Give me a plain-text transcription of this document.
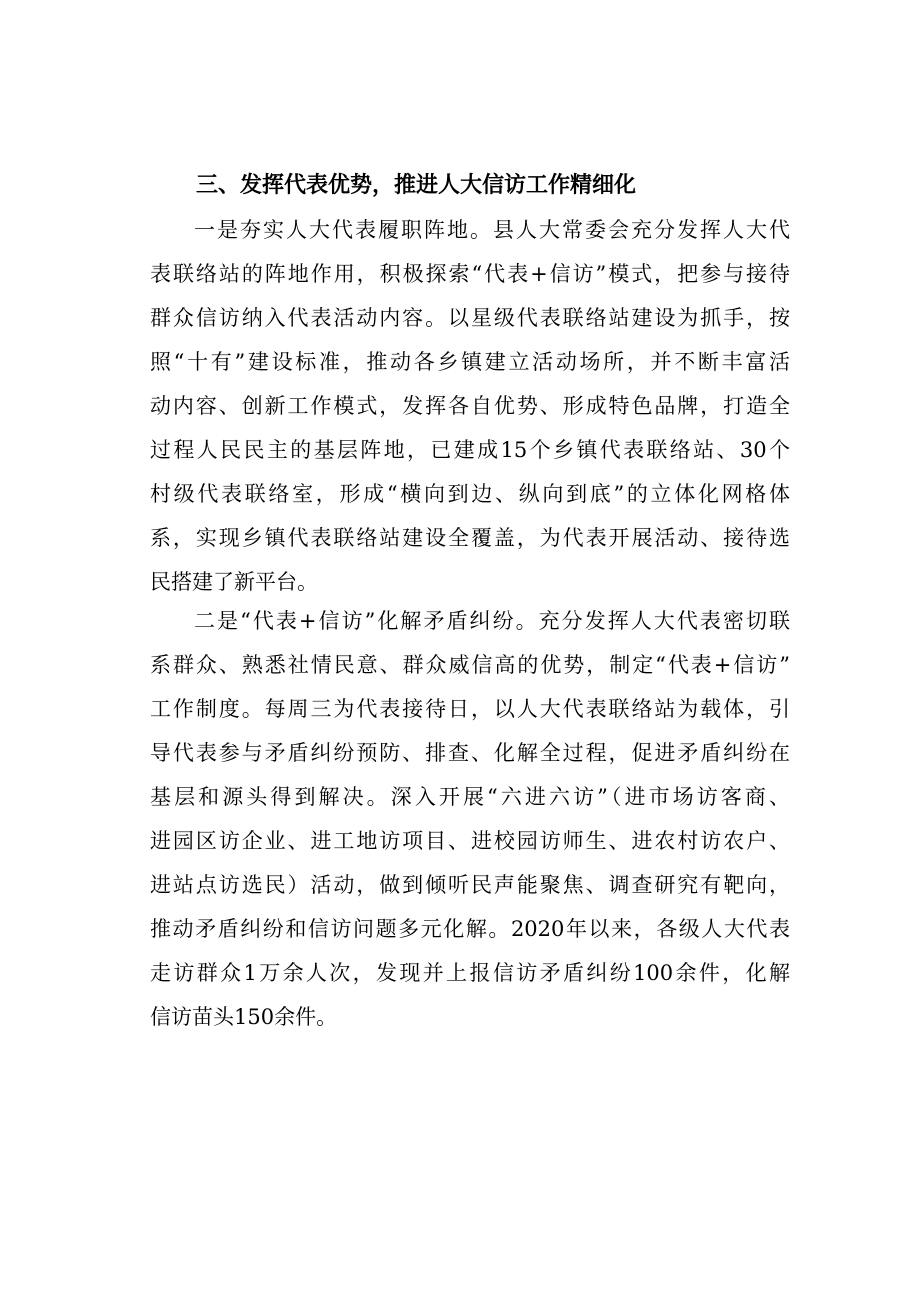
三、发挥代表优势，推进人大信访工作精细化
一是夯实人大代表履职阵地。县人大常委会充分发挥人大代
表联络站的阵地作用，积极探索“代表+信访”模式，把参与接待
群众信访纳入代表活动内容。以星级代表联络站建设为抓手，按
照“十有”建设标准，推动各乡镇建立活动场所，并不断丰富活
动内容、创新工作模式，发挥各自优势、形成特色品牌，打造全
过程人民民主的基层阵地，已建成15个乡镇代表联络站、30个
村级代表联络室，形成“横向到边、纵向到底”的立体化网格体
系，实现乡镇代表联络站建设全覆盖，为代表开展活动、接待选
民搭建了新平台。
二是“代表+信访”化解矛盾纠纷。充分发挥人大代表密切联
系群众、熟悉社情民意、群众威信高的优势，制定“代表+信访”
工作制度。每周三为代表接待日，以人大代表联络站为载体，引
导代表参与矛盾纠纷预防、排查、化解全过程，促进矛盾纠纷在
基层和源头得到解决。深入开展“六进六访”（进市场访客商、
进园区访企业、进工地访项目、进校园访师生、进农村访农户、
进站点访选民）活动，做到倾听民声能聚焦、调查研究有靶向，
推动矛盾纠纷和信访问题多元化解。2020年以来，各级人大代表
走访群众1万余人次，发现并上报信访矛盾纠纷100余件，化解
信访苗头150余件。
